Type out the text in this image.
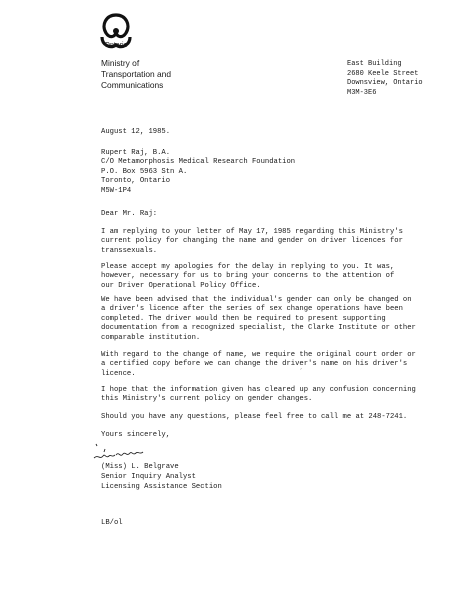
Ontario
Ministry of
Transportation and
Communications
East Building
2680 Keele Street
Downsview, Ontario
M3M-3E6
August 12, 1985.
Rupert Raj, B.A.
C/O Metamorphosis Medical Research Foundation
P.O. Box 5963 Stn A.
Toronto, Ontario
M5W-1P4
Dear Mr. Raj:
I am replying to your letter of May 17, 1985 regarding this Ministry's
current policy for changing the name and gender on driver licences for
transsexuals.
Please accept my apologies for the delay in replying to you. It was,
however, necessary for us to bring your concerns to the attention of
our Driver Operational Policy Office.
We have been advised that the individual's gender can only be changed on
a driver's licence after the series of sex change operations have been
completed. The driver would then be required to present supporting
documentation from a recognized specialist, the Clarke Institute or other
comparable institution.
With regard to the change of name, we require the original court order or
a certified copy before we can change the driver's name on his driver's
licence.	ˊ
I hope that the information given has cleared up any confusion concerning
this Ministry's current policy on gender changes.
Should you have any questions, please feel free to call me at 248-7241.
Yours sincerely,
(Miss) L. Belgrave
Senior Inquiry Analyst
Licensing Assistance Section
LB/ol
